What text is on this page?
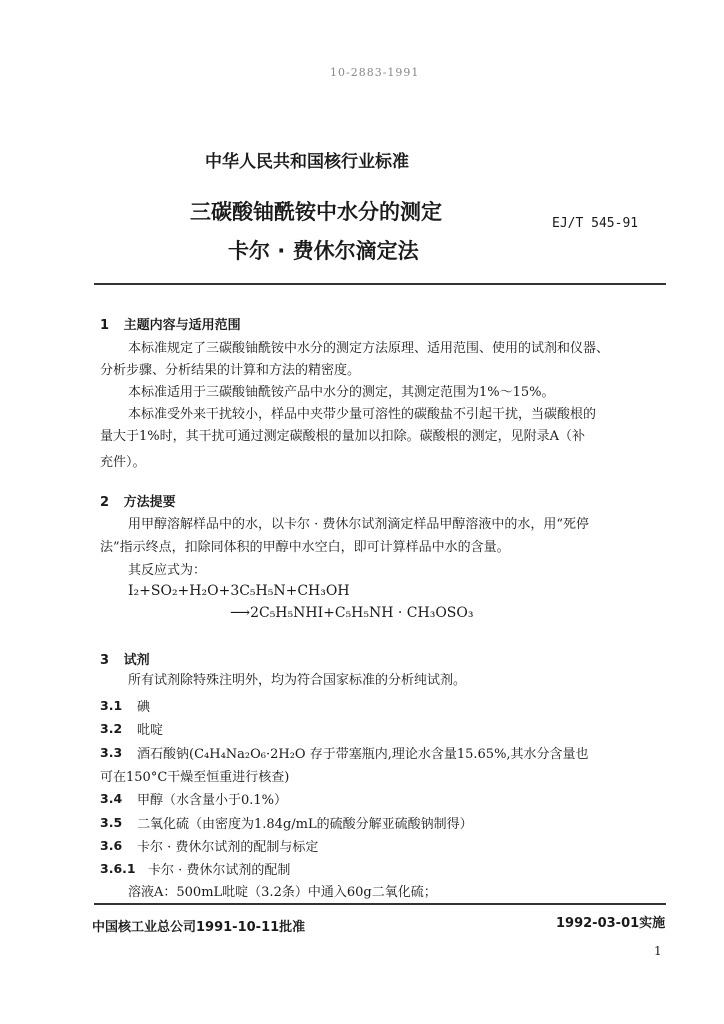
10-2883-1991
中华人民共和国核行业标准
三碳酸铀酰铵中水分的测定
卡尔 · 费休尔滴定法
EJ/T 545-91
1 主题内容与适用范围
本标准规定了三碳酸铀酰铵中水分的测定方法原理、适用范围、使用的试剂和仪器、
分析步骤、分析结果的计算和方法的精密度。
本标准适用于三碳酸铀酰铵产品中水分的测定，其测定范围为1%～15%。
本标准受外来干扰较小，样品中夹带少量可溶性的碳酸盐不引起干扰，当碳酸根的
量大于1%时，其干扰可通过测定碳酸根的量加以扣除。碳酸根的测定，见附录A（补
充件）。
2 方法提要
用甲醇溶解样品中的水，以卡尔 · 费休尔试剂滴定样品甲醇溶液中的水，用“死停
法”指示终点，扣除同体积的甲醇中水空白，即可计算样品中水的含量。
其反应式为：
I₂+SO₂+H₂O+3C₅H₅N+CH₃OH
⟶2C₅H₅NHI+C₅H₅NH · CH₃OSO₃
3 试剂
所有试剂除特殊注明外，均为符合国家标准的分析纯试剂。
3.1 碘
3.2 吡啶
3.3 酒石酸钠(C₄H₄Na₂O₆·2H₂O 存于带塞瓶内,理论水含量15.65%,其水分含量也
可在150°C干燥至恒重进行核查)
3.4 甲醇（水含量小于0.1%）
3.5 二氧化硫（由密度为1.84g/mL的硫酸分解亚硫酸钠制得）
3.6 卡尔 · 费休尔试剂的配制与标定
3.6.1 卡尔 · 费休尔试剂的配制
溶液A：500mL吡啶（3.2条）中通入60g二氧化硫；
中国核工业总公司1991-10-11批准	1992-03-01实施
1
